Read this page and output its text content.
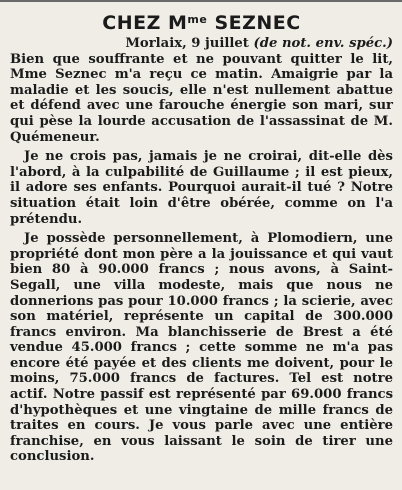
CHEZ $M^{me}$ SEZNEC
Morlaix, 9 juillet (de not. env. spéc.)

Bien que souffrante et ne pouvant quitter le lit, Mme Seznec m'a reçu ce matin. Amaigrie par la maladie et les soucis, elle n'est nullement abattue et défend avec une farouche énergie son mari, sur qui pèse la lourde accusation de l'assassinat de M. Quémeneur.

Je ne crois pas, jamais je ne croirai, dit-elle dès l'abord, à la culpabilité de Guillaume ; il est pieux, il adore ses enfants. Pourquoi aurait-il tué ? Notre situation était loin d'être obérée, comme on l'a prétendu.

Je possède personnellement, à Plomodiern, une propriété dont mon père a la jouissance et qui vaut bien 80 à 90.000 francs ; nous avons, à Saint-Segall, une villa modeste, mais que nous ne donnerions pas pour 10.000 francs ; la scierie, avec son matériel, représente un capital de 300.000 francs environ. Ma blanchisserie de Brest a été vendue 45.000 francs ; cette somme ne m'a pas encore été payée et des clients me doivent, pour le moins, 75.000 francs de factures. Tel est notre actif. Notre passif est représenté par 69.000 francs d'hypothèques et une vingtaine de mille francs de traites en cours. Je vous parle avec une entière franchise, en vous laissant le soin de tirer une conclusion.
